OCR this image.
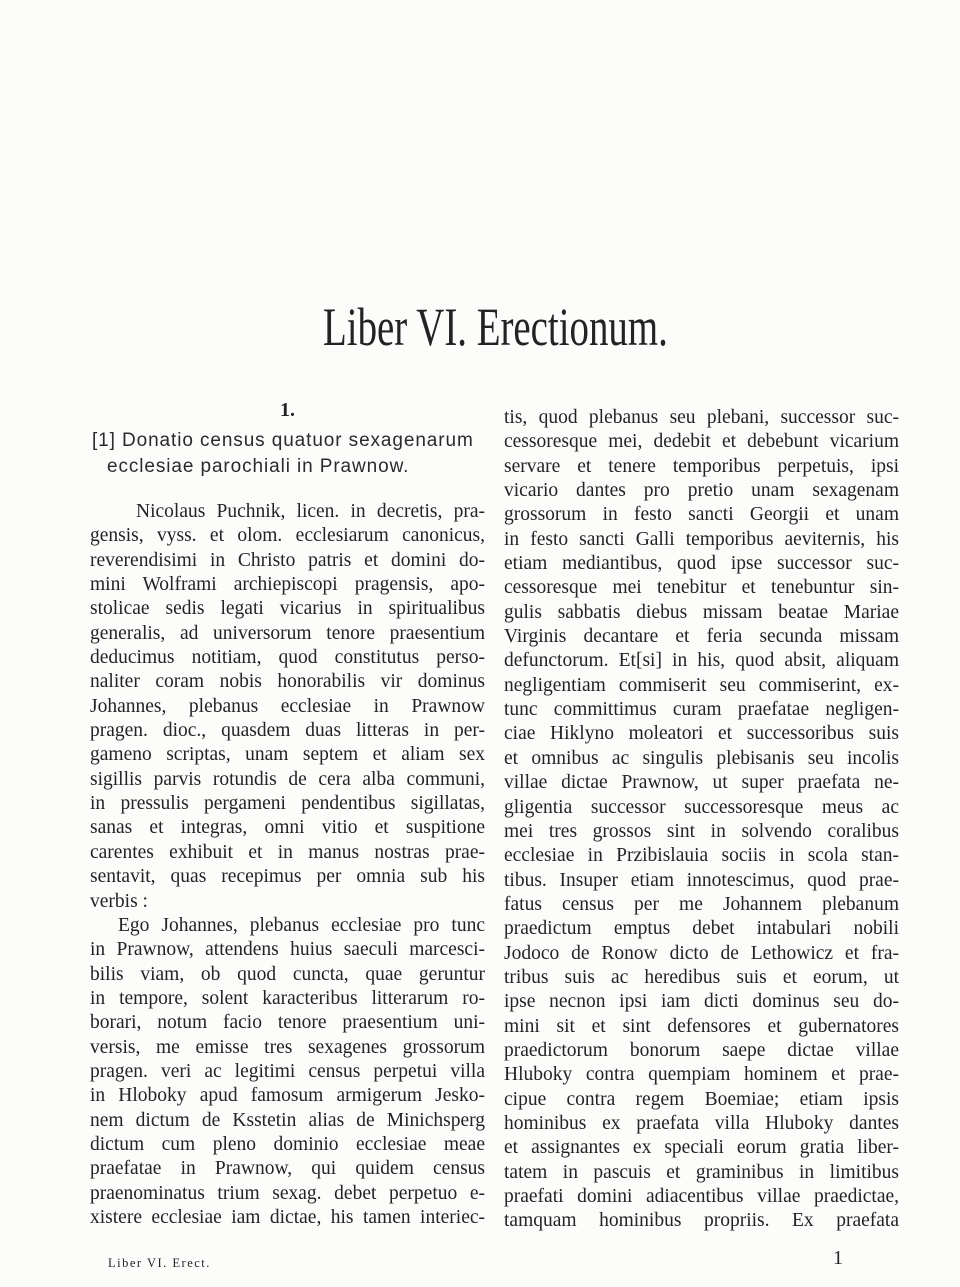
Liber VI. Erectionum.
1.
[1] Donatio census quatuor sexagenarum
ecclesiae parochiali in Prawnow.
Nicolaus Puchnik, licen. in decretis, pra-
gensis, vyss. et olom. ecclesiarum canonicus,
reverendisimi in Christo patris et domini do-
mini Wolframi archiepiscopi pragensis, apo-
stolicae sedis legati vicarius in spiritualibus
generalis, ad universorum tenore praesentium
deducimus notitiam, quod constitutus perso-
naliter coram nobis honorabilis vir dominus
Johannes, plebanus ecclesiae in Prawnow
pragen. dioc., quasdem duas litteras in per-
gameno scriptas, unam septem et aliam sex
sigillis parvis rotundis de cera alba communi,
in pressulis pergameni pendentibus sigillatas,
sanas et integras, omni vitio et suspitione
carentes exhibuit et in manus nostras prae-
sentavit, quas recepimus per omnia sub his
verbis :
Ego Johannes, plebanus ecclesiae pro tunc
in Prawnow, attendens huius saeculi marcesci-
bilis viam, ob quod cuncta, quae geruntur
in tempore, solent karacteribus litterarum ro-
borari, notum facio tenore praesentium uni-
versis, me emisse tres sexagenes grossorum
pragen. veri ac legitimi census perpetui villa
in Hloboky apud famosum armigerum Jesko-
nem dictum de Ksstetin alias de Minichsperg
dictum cum pleno dominio ecclesiae meae
praefatae in Prawnow, qui quidem census
praenominatus trium sexag. debet perpetuo e-
xistere ecclesiae iam dictae, his tamen interiec-
tis, quod plebanus seu plebani, successor suc-
cessoresque mei, dedebit et debebunt vicarium
servare et tenere temporibus perpetuis, ipsi
vicario dantes pro pretio unam sexagenam
grossorum in festo sancti Georgii et unam
in festo sancti Galli temporibus aeviternis, his
etiam mediantibus, quod ipse successor suc-
cessoresque mei tenebitur et tenebuntur sin-
gulis sabbatis diebus missam beatae Mariae
Virginis decantare et feria secunda missam
defunctorum. Et[si] in his, quod absit, aliquam
negligentiam commiserit seu commiserint, ex-
tunc committimus curam praefatae negligen-
ciae Hiklyno moleatori et successoribus suis
et omnibus ac singulis plebisanis seu incolis
villae dictae Prawnow, ut super praefata ne-
gligentia successor successoresque meus ac
mei tres grossos sint in solvendo coralibus
ecclesiae in Przibislauia sociis in scola stan-
tibus. Insuper etiam innotescimus, quod prae-
fatus census per me Johannem plebanum
praedictum emptus debet intabulari nobili
Jodoco de Ronow dicto de Lethowicz et fra-
tribus suis ac heredibus suis et eorum, ut
ipse necnon ipsi iam dicti dominus seu do-
mini sit et sint defensores et gubernatores
praedictorum bonorum saepe dictae villae
Hluboky contra quempiam hominem et prae-
cipue contra regem Boemiae; etiam ipsis
hominibus ex praefata villa Hluboky dantes
et assignantes ex speciali eorum gratia liber-
tatem in pascuis et graminibus in limitibus
praefati domini adiacentibus villae praedictae,
tamquam hominibus propriis. Ex praefata
Liber VI. Erect.	1
